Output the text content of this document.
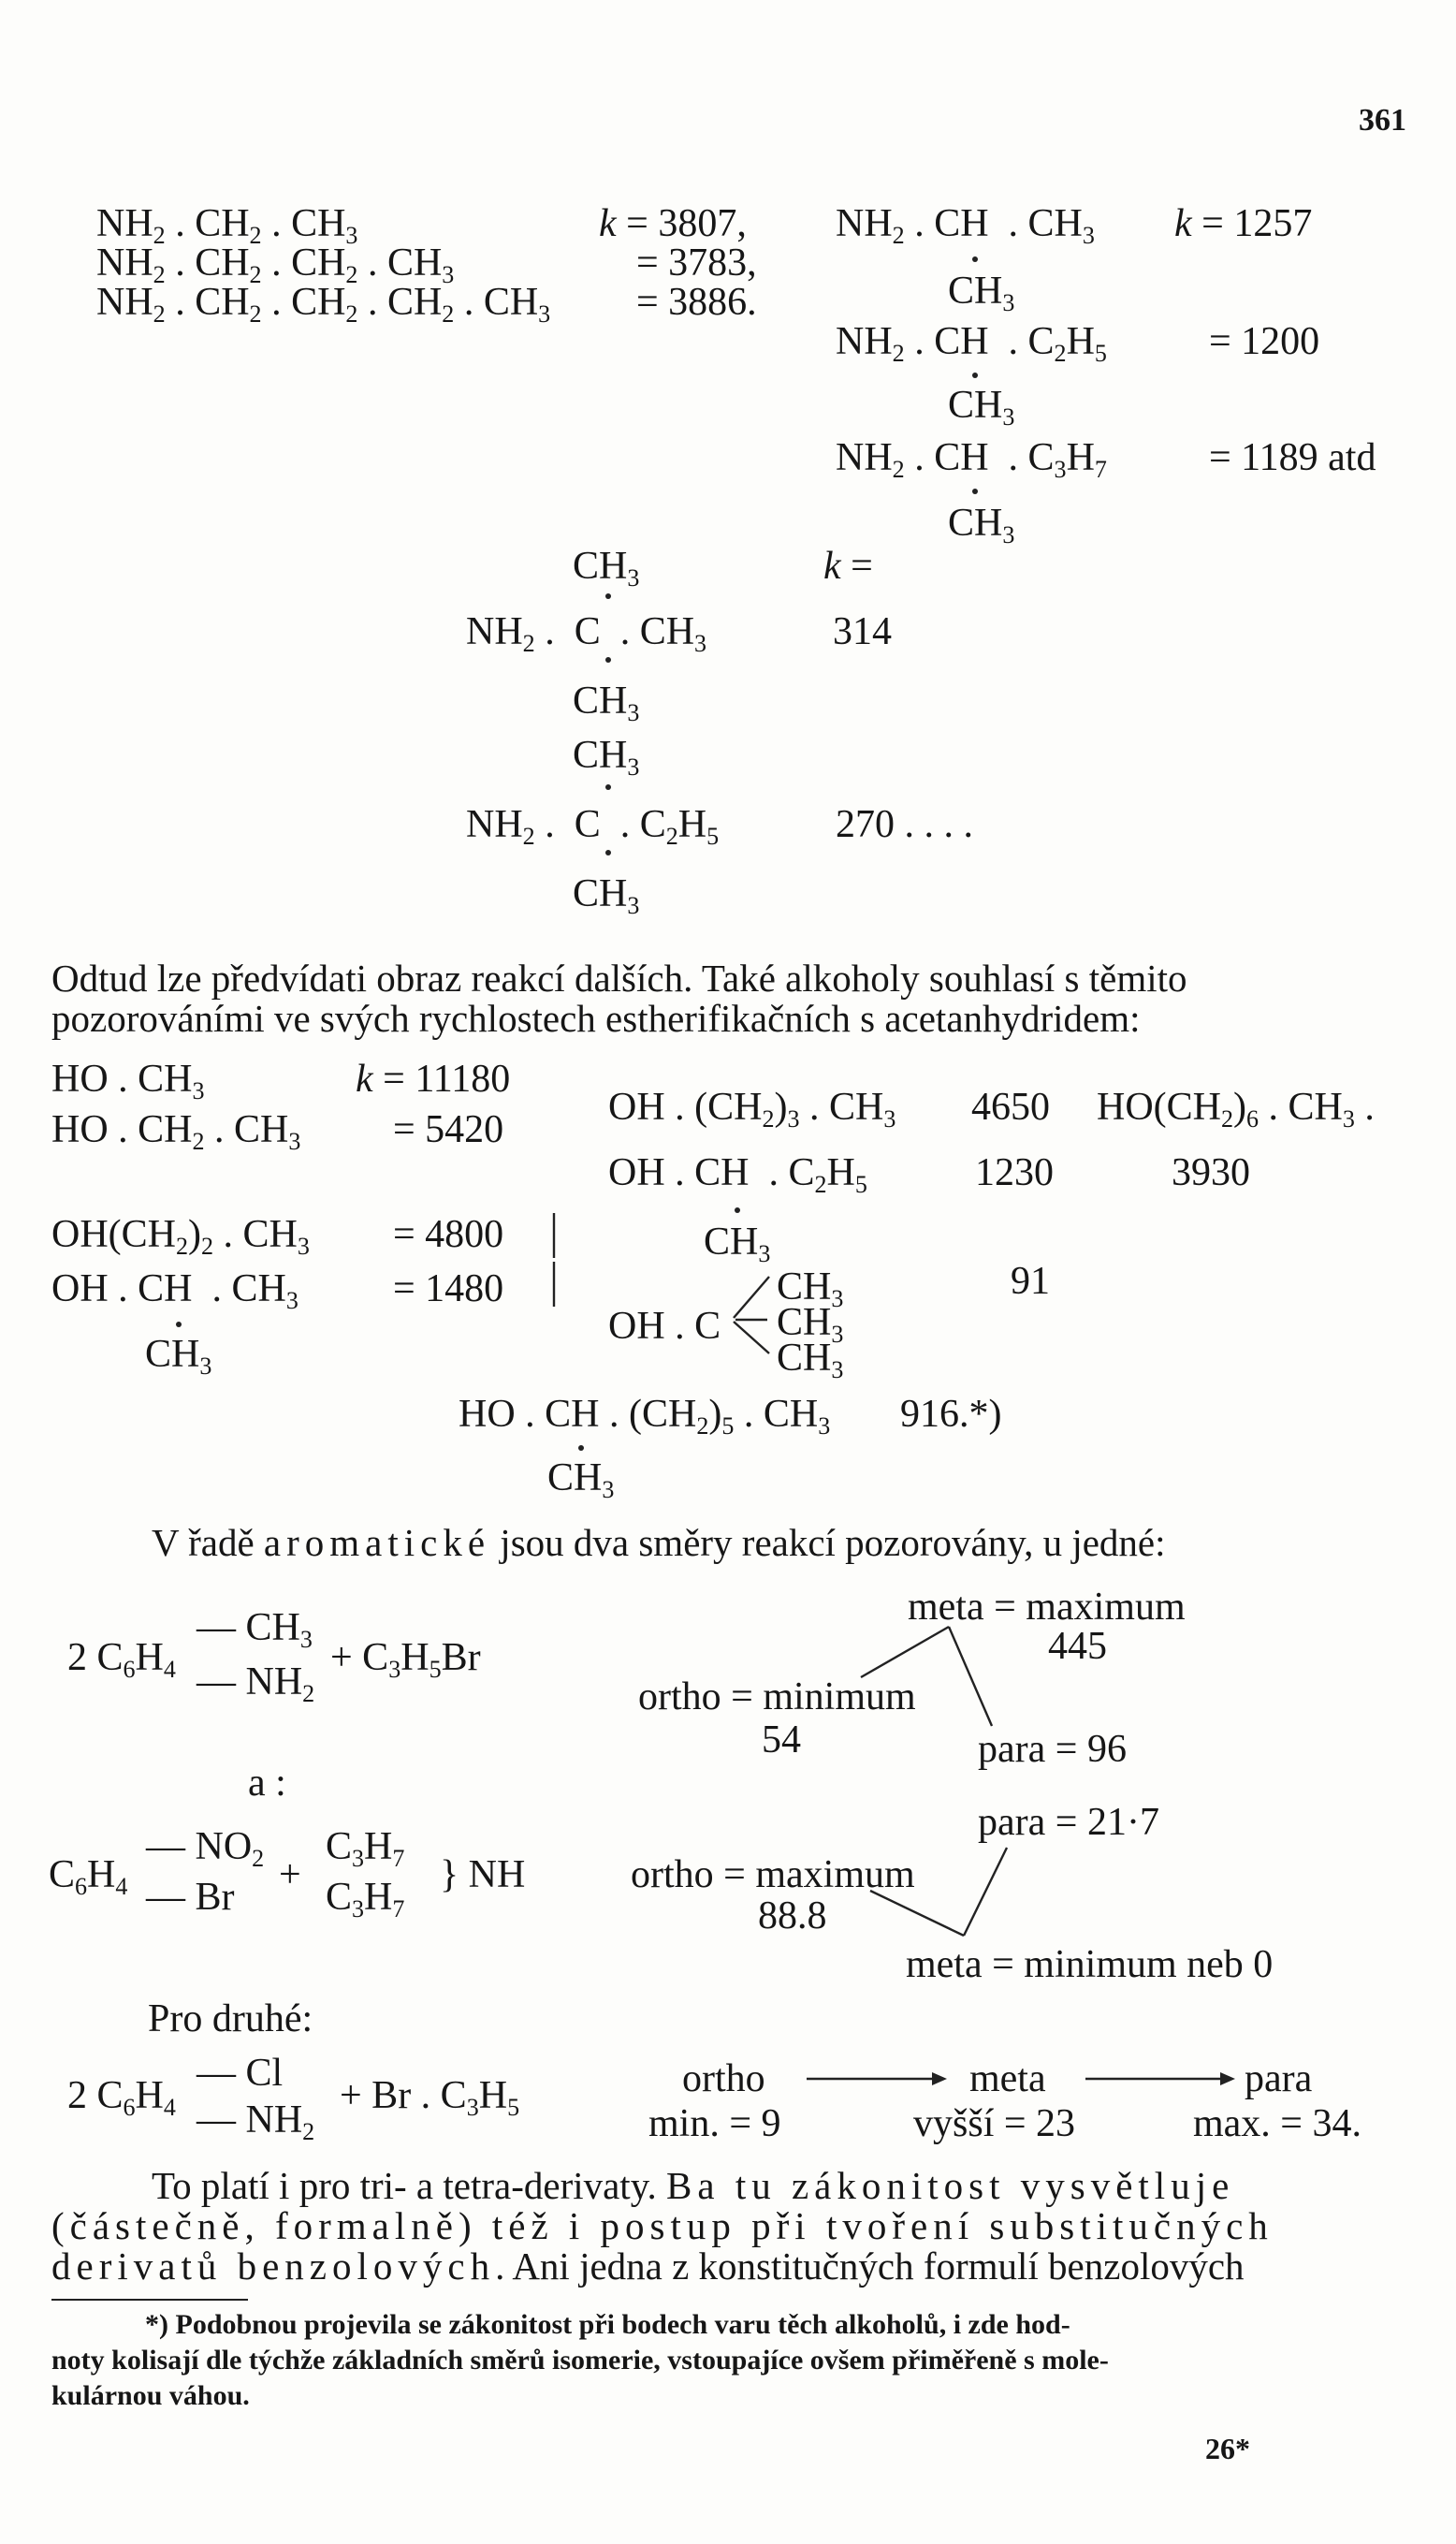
361
$NH_2$ . $CH_2$ . $CH_3$	k = 3807,
$NH_2$ . $CH_2$ . $CH_2$ . $CH_3$	= 3783,
$NH_2$ . $CH_2$ . $CH_2$ . $CH_2$ . $CH_3 = 3886$.
$NH_2$ . CH  . $CH_3$ k = 1257
$CH_3$
$NH_2$ . CH  . $C_2H_5$	= 1200
$CH_3$
$NH_2$ . CH  . $C_3H_7$	= 1189 atd
$CH_3$
$CH_3$	k =
$NH_2$ .  C  . $CH_3$	314
$CH_3$
$CH_3$
$NH_2$ .  C  . $C_2H_5$	270 . . . .
$CH_3$
Odtud lze předvídati obraz reakcí dalších. Také alkoholy souhlasí s těmito
pozorováními ve svých rychlostech estherifikačních s acetanhydridem:
HO . $CH_3$	k = 11180
HO . $CH_2$ . $CH_3 = 5420$
$OH(CH_2)_2$ . $CH_3 = 4800$
OH . CH  . $CH_3 = 1480$
$CH_3$
OH . $(CH_2)_3$ . $CH_3$ 4650 $HO(CH_2)_6$ . $CH_3$ .
OH . CH  . $C_2H_5$	1230	3930
$CH_3$
OH . C
$CH_3$
$CH_3$
$CH_3$
91
HO . CH . $(CH_2)_5$ . $CH_3$ 916.*)
$CH_3$
V řadě aromatické jsou dva směry reakcí pozorovány, u jedné:
2 $C_6H_4$
— $CH_3$
— $NH_2$
+ $C_3H_5Br$
meta = maximum
445
ortho = minimum
54	para = 96
a :
$C_6H_4$
— $NO_2$
— Br
+
$C_3H_7$
$C_3H_7$
} NH
para = 21·7
ortho = maximum
88.8
meta = minimum neb 0
Pro druhé:
2 $C_6H_4$
— Cl
— $NH_2$
+ Br . $C_3H_5$
ortho	meta	para
min. = 9	vyšší = 23	max. = 34.
To platí i pro tri- a tetra-derivaty. Ba tu zákonitost vysvětluje
(částečně, formalně) též i postup při tvoření substitučných
derivatů benzolových. Ani jedna z konstitučných formulí benzolových
*) Podobnou projevila se zákonitost při bodech varu těch alkoholů, i zde hod-
noty kolisají dle týchže základních směrů isomerie, vstoupajíce ovšem přiměřeně s mole-
kulárnou váhou.
26*
